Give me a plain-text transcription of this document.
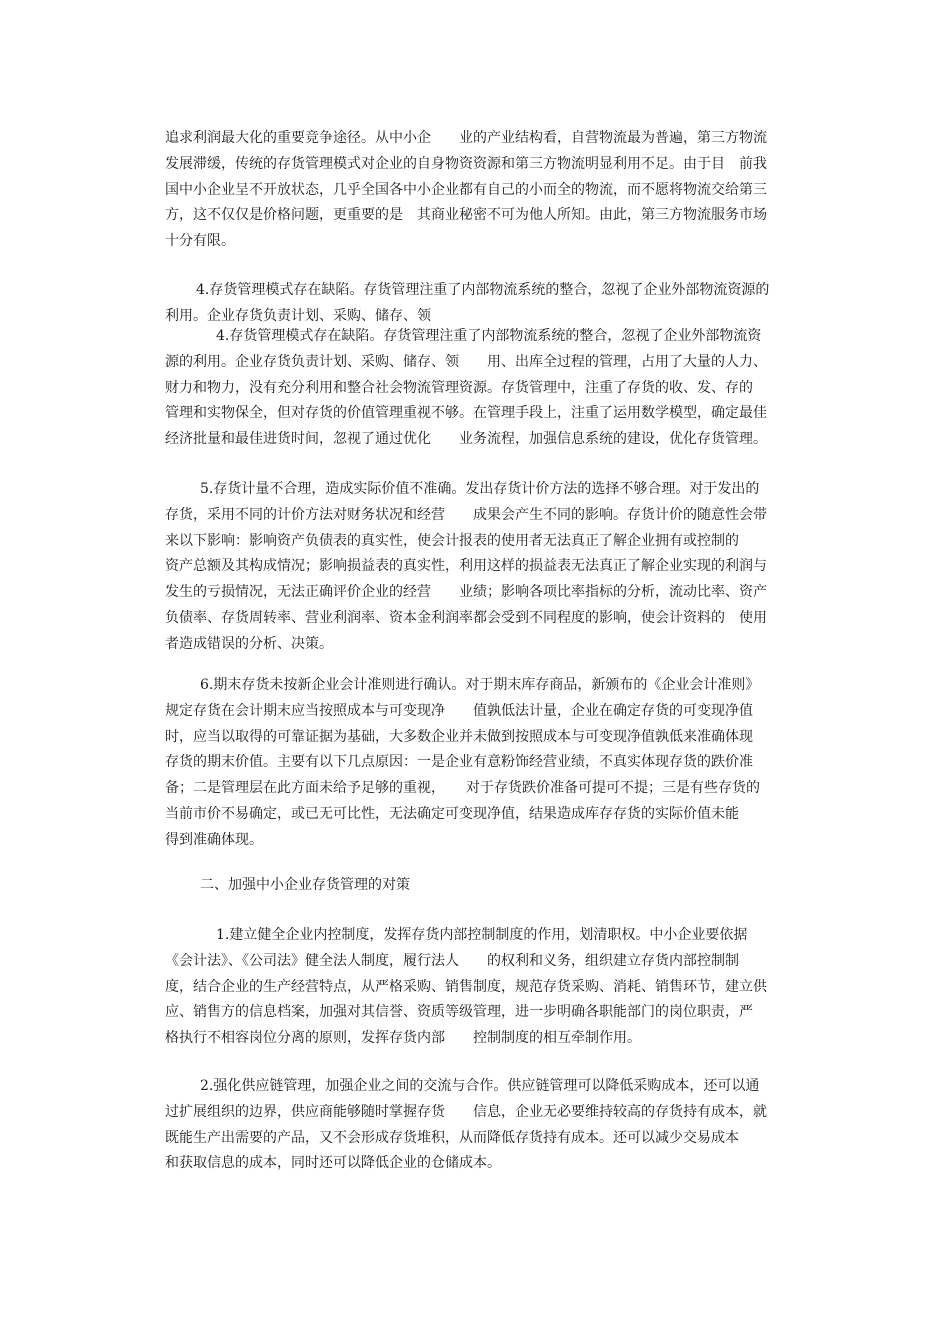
追求利润最大化的重要竞争途径。从中小企　　业的产业结构看，自营物流最为普遍，第三方物流

发展滞缓，传统的存货管理模式对企业的自身物资资源和第三方物流明显利用不足。由于目　前我

国中小企业呈不开放状态，几乎全国各中小企业都有自己的小而全的物流，而不愿将物流交给第三

方，这不仅仅是价格问题，更重要的是　其商业秘密不可为他人所知。由此，第三方物流服务市场

十分有限。

4.存货管理模式存在缺陷。存货管理注重了内部物流系统的整合，忽视了企业外部物流资源的

利用。企业存货负责计划、采购、储存、领

4.存货管理模式存在缺陷。存货管理注重了内部物流系统的整合，忽视了企业外部物流资

源的利用。企业存货负责计划、采购、储存、领　　用、出库全过程的管理，占用了大量的人力、

财力和物力，没有充分利用和整合社会物流管理资源。存货管理中，注重了存货的收、发、存的

管理和实物保全，但对存货的价值管理重视不够。在管理手段上，注重了运用数学模型，确定最佳

经济批量和最佳进货时间，忽视了通过优化　　业务流程，加强信息系统的建设，优化存货管理。

5.存货计量不合理，造成实际价值不准确。发出存货计价方法的选择不够合理。对于发出的

存货，采用不同的计价方法对财务状况和经营　　成果会产生不同的影响。存货计价的随意性会带

来以下影响：影响资产负债表的真实性，使会计报表的使用者无法真正了解企业拥有或控制的

资产总额及其构成情况；影响损益表的真实性，利用这样的损益表无法真正了解企业实现的利润与

发生的亏损情况，无法正确评价企业的经营　　业绩；影响各项比率指标的分析，流动比率、资产

负债率、存货周转率、营业利润率、资本金利润率都会受到不同程度的影响，使会计资料的　使用

者造成错误的分析、决策。

6.期末存货未按新企业会计准则进行确认。对于期末库存商品，新颁布的《企业会计准则》

规定存货在会计期末应当按照成本与可变现净　　值孰低法计量，企业在确定存货的可变现净值

时，应当以取得的可靠证据为基础，大多数企业并未做到按照成本与可变现净值孰低来准确体现

存货的期末价值。主要有以下几点原因：一是企业有意粉饰经营业绩，不真实体现存货的跌价准

备；二是管理层在此方面未给予足够的重视，　　对于存货跌价准备可提可不提；三是有些存货的

当前市价不易确定，或已无可比性，无法确定可变现净值，结果造成库存存货的实际价值未能

得到准确体现。

二、加强中小企业存货管理的对策

1.建立健全企业内控制度，发挥存货内部控制制度的作用，划清职权。中小企业要依据

《会计法》、《公司法》健全法人制度，履行法人　　的权利和义务，组织建立存货内部控制制

度，结合企业的生产经营特点，从严格采购、销售制度，规范存货采购、消耗、销售环节，建立供

应、销售方的信息档案，加强对其信誉、资质等级管理，进一步明确各职能部门的岗位职责，严

格执行不相容岗位分离的原则，发挥存货内部　　控制制度的相互牵制作用。

2.强化供应链管理，加强企业之间的交流与合作。供应链管理可以降低采购成本，还可以通

过扩展组织的边界，供应商能够随时掌握存货　　信息，企业无必要维持较高的存货持有成本，就

既能生产出需要的产品，又不会形成存货堆积，从而降低存货持有成本。还可以减少交易成本

和获取信息的成本，同时还可以降低企业的仓储成本。
